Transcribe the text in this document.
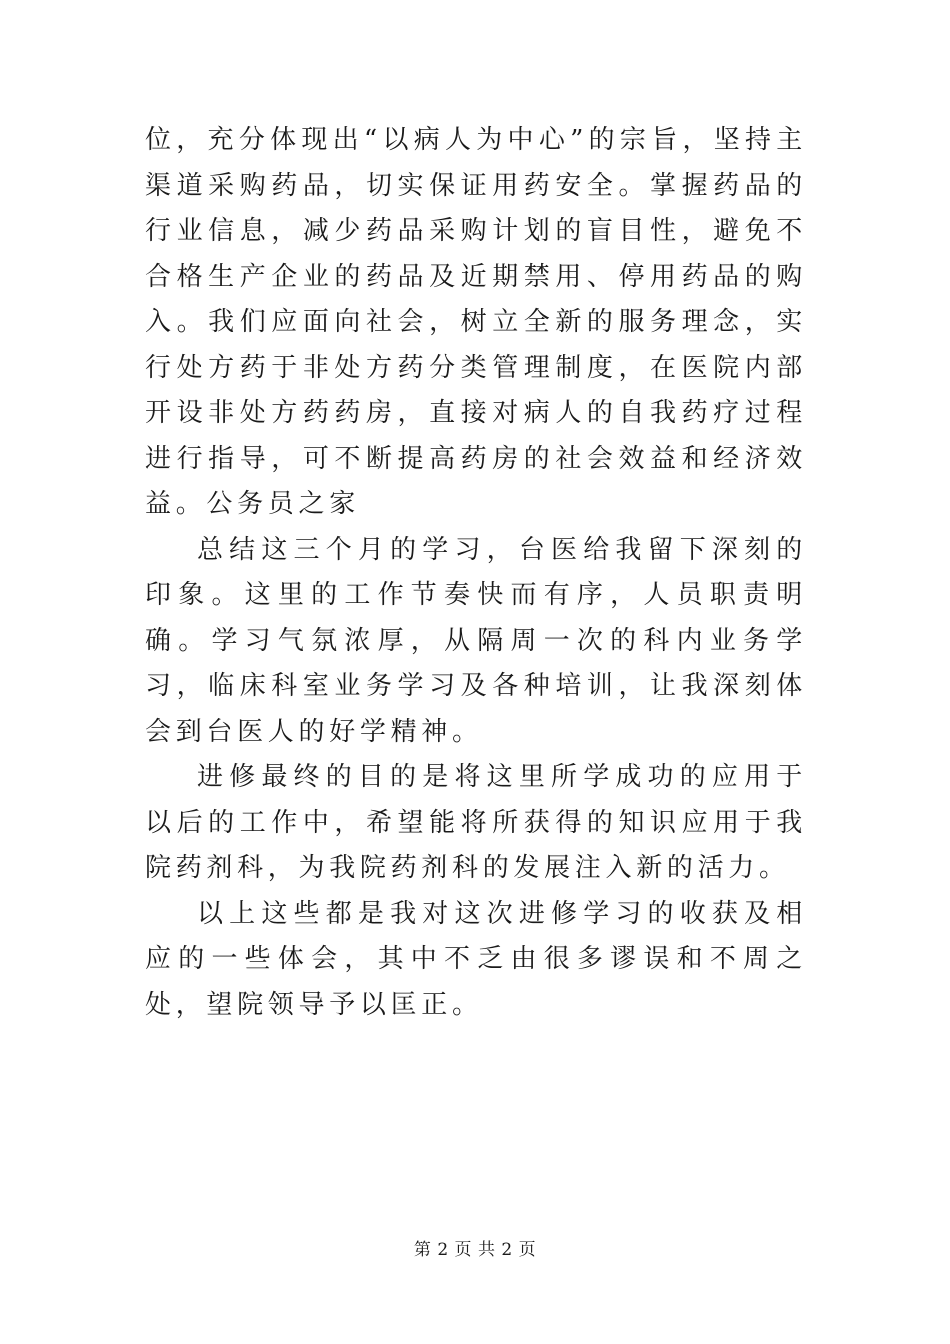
位，充分体现出“以病人为中心”的宗旨，坚持主渠道采购药品，切实保证用药安全。掌握药品的行业信息，减少药品采购计划的盲目性，避免不合格生产企业的药品及近期禁用、停用药品的购入。我们应面向社会，树立全新的服务理念，实行处方药于非处方药分类管理制度，在医院内部开设非处方药药房，直接对病人的自我药疗过程进行指导，可不断提高药房的社会效益和经济效益。公务员之家

总结这三个月的学习，台医给我留下深刻的印象。这里的工作节奏快而有序，人员职责明确。学习气氛浓厚，从隔周一次的科内业务学习，临床科室业务学习及各种培训，让我深刻体会到台医人的好学精神。

进修最终的目的是将这里所学成功的应用于以后的工作中，希望能将所获得的知识应用于我院药剂科，为我院药剂科的发展注入新的活力。

以上这些都是我对这次进修学习的收获及相应的一些体会，其中不乏由很多谬误和不周之处，望院领导予以匡正。

第 2 页 共 2 页
